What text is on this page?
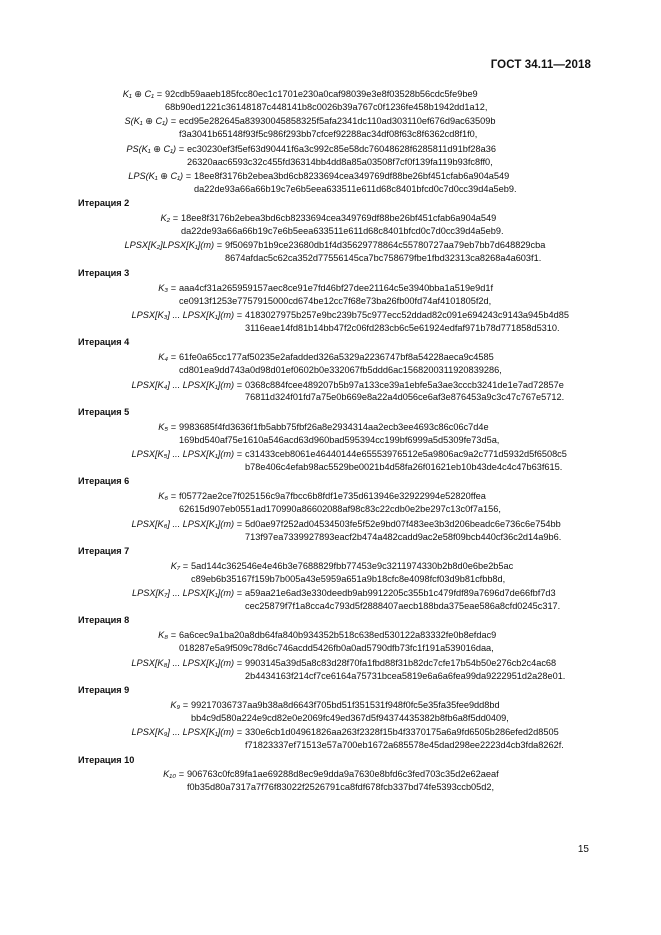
ГОСТ 34.11—2018
K₁ ⊕ C₁ = 92cdb59aaeb185fcc80ec1c1701e230a0caf98039e3e8f03528b56cdc5fe9be9
68b90ed1221c36148187c448141b8c0026b39a767c0f1236fe458b1942dd1a12,
S(K₁ ⊕ C₁) = ecd95e282645a83930045858325f5afa2341dc110ad303110ef676d9ac63509b
f3a3041b65148f93f5c986f293bb7cfcef92288ac34df08f63c8f6362cd8f1f0,
PS(K₁ ⊕ C₁) = ec30230ef3f5ef63d90441f6a3c992c85e58dc76048628f6285811d91bf28a36
26320aac6593c32c455fd36314bb4dd8a85a03508f7cf0f139fa119b93fc8ff0,
LPS(K₁ ⊕ C₁) = 18ee8f3176b2ebea3bd6cb8233694cea349769df88be26bf451cfab6a904a549
da22de93a66a66b19c7e6b5eea633511e611d68c8401bfcd0c7d0cc39d4a5eb9.
Итерация 2
K₂ = 18ee8f3176b2ebea3bd6cb8233694cea349769df88be26bf451cfab6a904a549
da22de93a66a66b19c7e6b5eea633511e611d68c8401bfcd0c7d0cc39d4a5eb9.
LPSX[K₂]LPSX[K₁](m) = 9f50697b1b9ce23680db1f4d35629778864c55780727aa79eb7bb7d648829cba
8674afdac5c62ca352d77556145ca7bc758679fbe1fbd32313ca8268a4a603f1.
Итерация 3
K₃ = aaa4cf31a265959157aec8ce91e7fd46bf27dee21164c5e3940bba1a519e9d1f
ce0913f1253e7757915000cd674be12cc7f68e73ba26fb00fd74af4101805f2d,
LPSX[K₃] ... LPSX[K₁](m) = 4183027975b257e9bc239b75c977ecc52ddad82c091e694243c9143a945b4d85
3116eae14fd81b14bb47f2c06fd283cb6c5e61924edfaf971b78d771858d5310.
Итерация 4
K₄ = 61fe0a65cc177af50235e2afadded326a5329a2236747bf8a54228aeca9c4585
cd801ea9dd743a0d98d01ef0602b0e332067fb5ddd6ac1568200311920839286,
LPSX[K₄] ... LPSX[K₁](m) = 0368c884fcee489207b5b97a133ce39a1ebfe5a3ae3cccb3241de1e7ad72857e
76811d324f01fd7a75e0b669e8a22a4d056ce6af3e876453a9c3c47c767e5712.
Итерация 5
K₅ = 9983685f4fd3636f1fb5abb75fbf26a8e2934314aa2ecb3ee4693c86c06c7d4e
169bd540af75e1610a546acd63d960bad595394cc199bf6999a5d5309fe73d5a,
LPSX[K₅] ... LPSX[K₁](m) = c31433ceb8061e46440144e65553976512e5a9806ac9a2c771d5932d5f6508c5
b78e406c4efab98ac5529be0021b4d58fa26f01621eb10b43de4c4c47b63f615.
Итерация 6
K₆ = f05772ae2ce7f025156c9a7fbcc6b8fdf1e735d613946e32922994e52820ffea
62615d907eb0551ad170990a86602088af98c83c22cdb0e2be297c13c0f7a156,
LPSX[K₆] ... LPSX[K₁](m) = 5d0ae97f252ad04534503fe5f52e9bd07f483ee3b3d206beadc6e736c6e754bb
713f97ea7339927893eacf2b474a482cadd9ac2e58f09bcb440cf36c2d14a9b6.
Итерация 7
K₇ = 5ad144c362546e4e46b3e7688829fbb77453e9c3211974330b2b8d0e6be2b5ac
c89eb6b35167f159b7b005a43e5959a651a9b18cfc8e4098fcf03d9b81cfbb8d,
LPSX[K₇] ... LPSX[K₁](m) = a59aa21e6ad3e330deedb9ab9912205c355b1c479fdf89a7696d7de66fbf7d3
cec25879f7f1a8cca4c793d5f2888407aecb188bda375eae586a8cfd0245c317.
Итерация 8
K₈ = 6a6cec9a1ba20a8db64fa840b934352b518c638ed530122a83332fe0b8efdac9
018287e5a9f509c78d6c746acdd5426fb0a0ad5790dfb73fc1f191a539016daa,
LPSX[K₈] ... LPSX[K₁](m) = 9903145a39d5a8c83d28f70fa1fbd88f31b82dc7cfe17b54b50e276cb2c4ac68
2b4434163f214cf7ce6164a75731bcea5819e6a6a6fea99da9222951d2a28e01.
Итерация 9
K₉ = 99217036737aa9b38a8d6643f705bd51f351531f948f0fc5e35fa35fee9dd8bd
bb4c9d580a224e9cd82e0e2069fc49ed367d5f94374435382b8fb6a8f5dd0409,
LPSX[K₉] ... LPSX[K₁](m) = 330e6cb1d04961826aa263f2328f15b4f3370175a6a9fd6505b286efed2d8505
f71823337ef71513e57a700eb1672a685578e45dad298ee2223d4cb3fda8262f.
Итерация 10
K₁₀ = 906763c0fc89fa1ae69288d8ec9e9dda9a7630e8bfd6c3fed703c35d2e62aeaf
f0b35d80a7317a7f76f83022f2526791ca8fdf678fcb337bd74fe5393ccb05d2,
15
